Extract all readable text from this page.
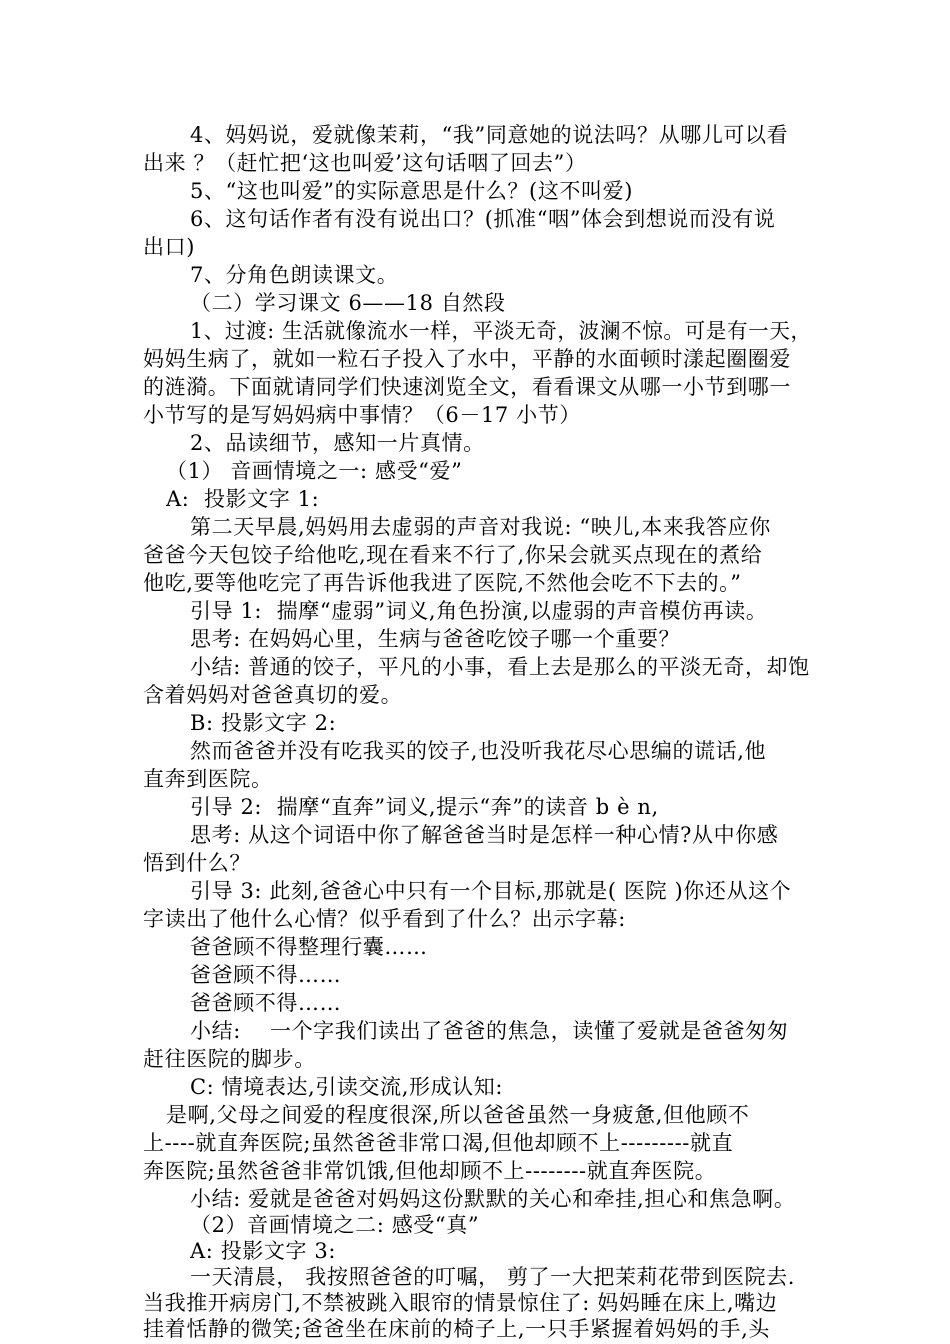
4、妈妈说，爱就像茉莉，“我”同意她的说法吗？从哪儿可以看
出来 ？（赶忙把‘这也叫爱’这句话咽了回去”）
5、“这也叫爱”的实际意思是什么？(这不叫爱)
6、这句话作者有没有说出口？(抓准“咽”体会到想说而没有说
出口)
7、分角色朗读课文。
（二）学习课文 6——18 自然段
1、过渡: 生活就像流水一样，平淡无奇，波澜不惊。可是有一天，
妈妈生病了，就如一粒石子投入了水中，平静的水面顿时漾起圈圈爱
的涟漪。下面就请同学们快速浏览全文，看看课文从哪一小节到哪一
小节写的是写妈妈病中事情？（6－17 小节）
2、品读细节，感知一片真情。
（1） 音画情境之一: 感受“爱”
A:  投影文字 1:
第二天早晨,妈妈用去虚弱的声音对我说: “映儿,本来我答应你
爸爸今天包饺子给他吃,现在看来不行了,你呆会就买点现在的煮给
他吃,要等他吃完了再告诉他我进了医院,不然他会吃不下去的。”
引导 1:  揣摩“虚弱”词义,角色扮演,以虚弱的声音模仿再读。
思考: 在妈妈心里，生病与爸爸吃饺子哪一个重要？
小结: 普通的饺子，平凡的小事，看上去是那么的平淡无奇，却饱
含着妈妈对爸爸真切的爱。
B: 投影文字 2:
然而爸爸并没有吃我买的饺子,也没听我花尽心思编的谎话,他
直奔到医院。
引导 2:  揣摩“直奔”词义,提示“奔”的读音 b è n,
思考: 从这个词语中你了解爸爸当时是怎样一种心情?从中你感
悟到什么？
引导 3: 此刻,爸爸心中只有一个目标,那就是( 医院 )你还从这个
字读出了他什么心情？似乎看到了什么？出示字幕:
爸爸顾不得整理行囊……
爸爸顾不得……
爸爸顾不得……
小结:    一个字我们读出了爸爸的焦急，读懂了爱就是爸爸匆匆
赶往医院的脚步。
C: 情境表达,引读交流,形成认知:
是啊,父母之间爱的程度很深,所以爸爸虽然一身疲惫,但他顾不
上----就直奔医院;虽然爸爸非常口渴,但他却顾不上---------就直
奔医院;虽然爸爸非常饥饿,但他却顾不上--------就直奔医院。
小结: 爱就是爸爸对妈妈这份默默的关心和牵挂,担心和焦急啊。
（2）音画情境之二: 感受“真”
A: 投影文字 3:
一天清晨， 我按照爸爸的叮嘱， 剪了一大把茉莉花带到医院去.
当我推开病房门,不禁被跳入眼帘的情景惊住了: 妈妈睡在床上,嘴边
挂着恬静的微笑;爸爸坐在床前的椅子上,一只手紧握着妈妈的手,头
